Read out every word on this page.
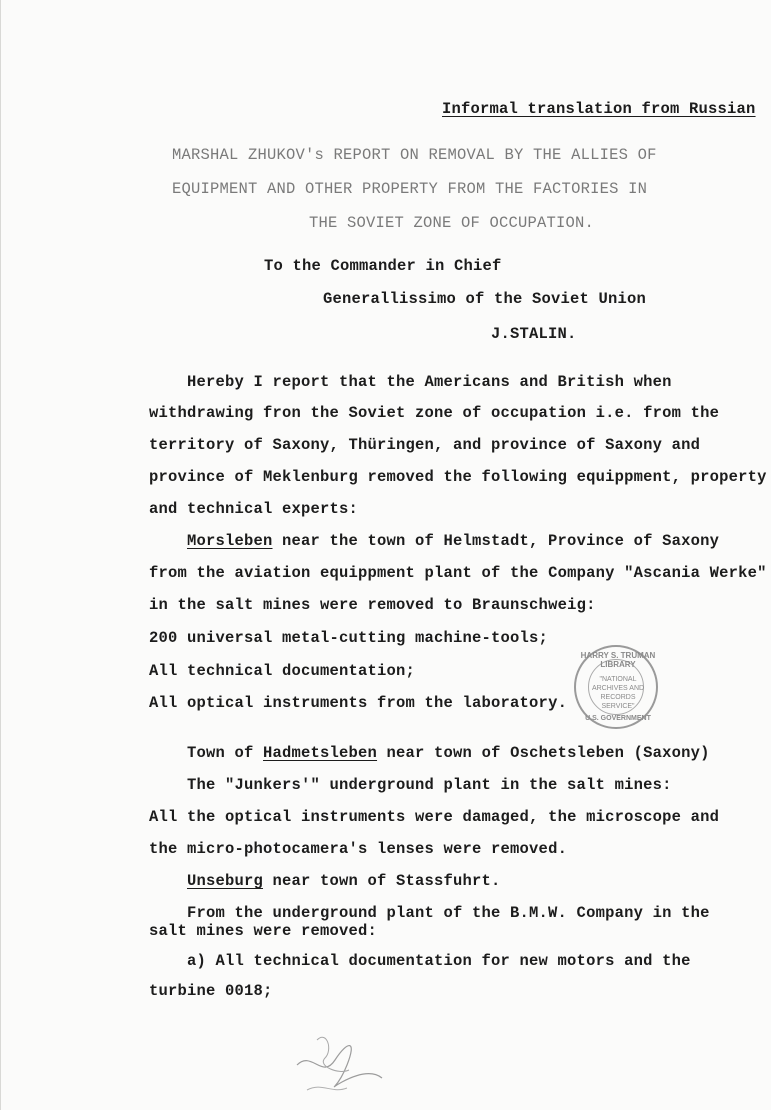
Informal translation from Russian
MARSHAL ZHUKOV's REPORT ON REMOVAL BY THE ALLIES OF
EQUIPMENT AND OTHER PROPERTY FROM THE FACTORIES IN
THE SOVIET ZONE OF OCCUPATION.
To the Commander in Chief
Generallissimo of the Soviet Union
J.STALIN.
Hereby I report that the Americans and British when
withdrawing fron the Soviet zone of occupation i.e. from the
territory of Saxony, Thüringen, and province of Saxony and
province of Meklenburg removed the following equippment, property
and technical experts:
Morsleben near the town of Helmstadt, Province of Saxony
from the aviation equippment plant of the Company "Ascania Werke"
in the salt mines were removed to Braunschweig:
200 universal metal-cutting machine-tools;
All technical documentation;
All optical instruments from the laboratory.
Town of Hadmetsleben near town of Oschetsleben (Saxony)
The "Junkers'" underground plant in the salt mines:
All the optical instruments were damaged, the microscope and
the micro-photocamera's lenses were removed.
Unseburg near town of Stassfuhrt.
From the underground plant of the B.M.W. Company in the
salt mines were removed:
a) All technical documentation for new motors and the
turbine 0018;
HARRY S. TRUMAN LIBRARY
"NATIONAL ARCHIVES AND RECORDS SERVICE"
U.S. GOVERNMENT
